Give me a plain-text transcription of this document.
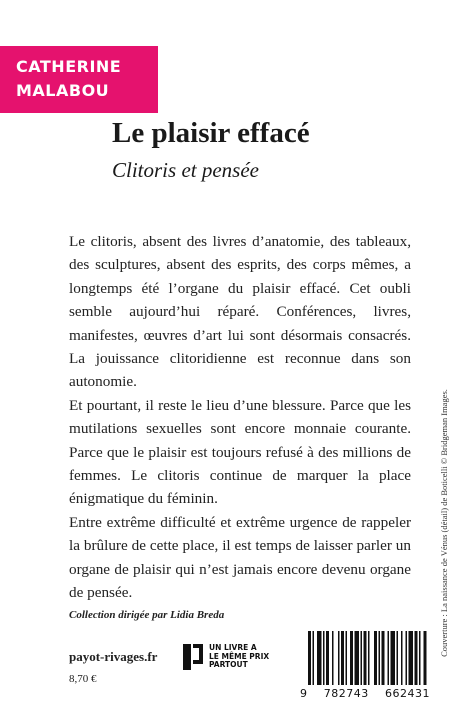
CATHERINE
MALABOU
Le plaisir effacé
Clitoris et pensée

Le clitoris, absent des livres d’anatomie, des tableaux, des sculptures, absent des esprits, des corps mêmes, a longtemps été l’organe du plaisir effacé. Cet oubli semble aujourd’hui réparé. Conférences, livres, manifestes, œuvres d’art lui sont désormais consacrés. La jouissance clitoridienne est reconnue dans son autonomie.

Et pourtant, il reste le lieu d’une blessure. Parce que les mutilations sexuelles sont encore monnaie courante. Parce que le plaisir est toujours refusé à des millions de femmes. Le clitoris continue de marquer la place énigmatique du féminin.

Entre extrême difficulté et extrême urgence de rappeler la brûlure de cette place, il est temps de laisser parler un organe de plaisir qui n’est jamais encore devenu organe de pensée.	Couverture : La naissance de Vénus (détail) de Boticelli © Bridgeman Images.
Collection dirigée par Lidia Breda
payot-rivages.fr
8,70 €
UN LIVRE A
LE MÊME PRIX
PARTOUT
9 782743 662431
